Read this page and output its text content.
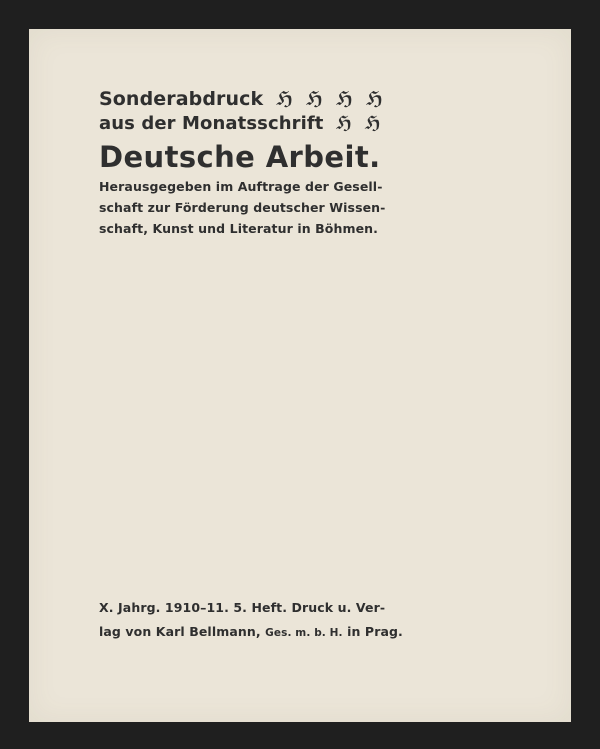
Sonderabdruck ℌ ℌ ℌ ℌ
aus der Monatsschrift ℌ ℌ
Deutsche Arbeit.
Herausgegeben im Auftrage der Gesell-
schaft zur Förderung deutscher Wissen-
schaft, Kunst und Literatur in Böhmen.
X. Jahrg. 1910–11. 5. Heft. Druck u. Ver-
lag von Karl Bellmann, Ges. m. b. H. in Prag.
